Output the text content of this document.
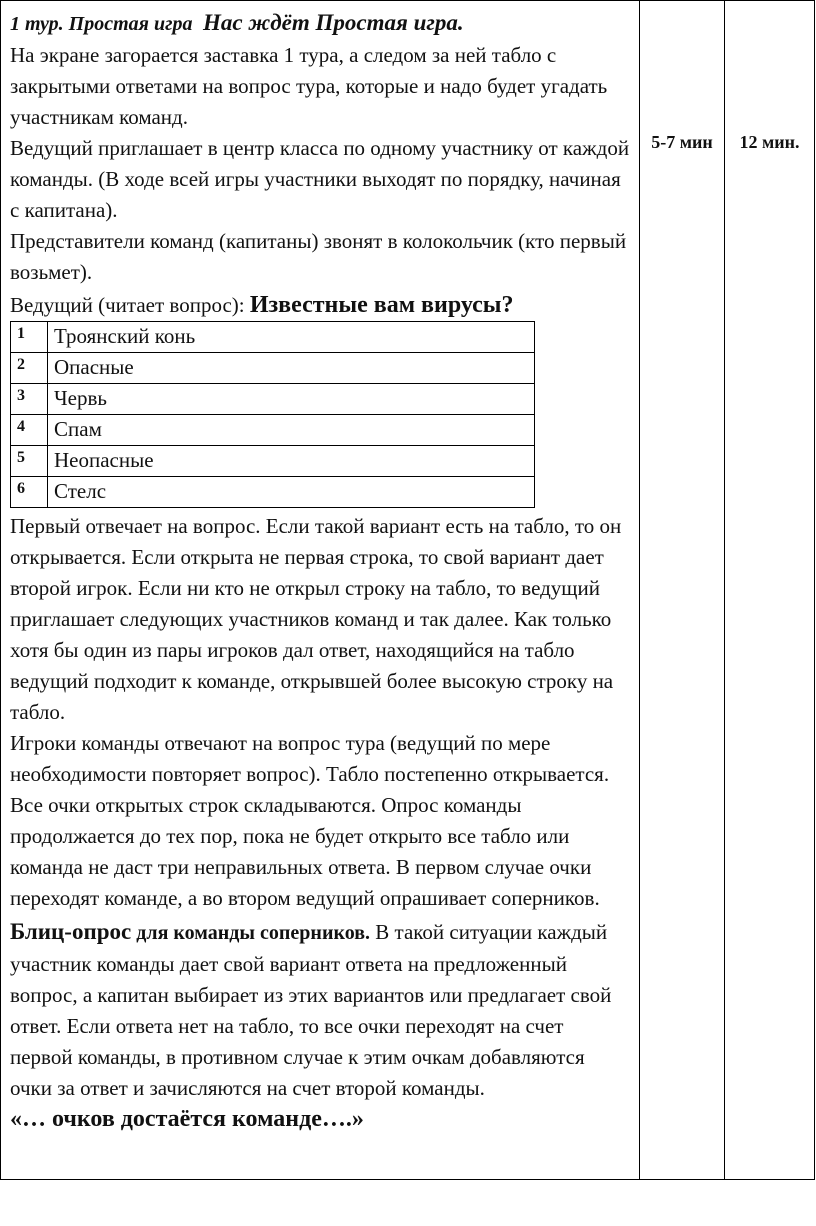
1 тур. Простая игра Нас ждёт Простая игра.

На экране загорается заставка 1 тура, а следом за ней табло с закрытыми ответами на вопрос тура, которые и надо будет угадать участникам команд.

Ведущий приглашает в центр класса по одному участнику от каждой команды. (В ходе всей игры участники выходят по порядку, начиная с капитана).

Представители команд (капитаны) звонят в колокольчик (кто первый возьмет).

Ведущий (читает вопрос): Известные вам вирусы?

1	Троянский конь
2	Опасные
3	Червь
4	Спам
5	Неопасные
6	Стелс

Первый отвечает на вопрос. Если такой вариант есть на табло, то он открывается. Если открыта не первая строка, то свой вариант дает второй игрок. Если ни кто не открыл строку на табло, то ведущий приглашает следующих участников команд и так далее. Как только хотя бы один из пары игроков дал ответ, находящийся на табло ведущий подходит к команде, открывшей более высокую строку на табло.

Игроки команды отвечают на вопрос тура (ведущий по мере необходимости повторяет вопрос). Табло постепенно открывается. Все очки открытых строк складываются. Опрос команды продолжается до тех пор, пока не будет открыто все табло или команда не даст три неправильных ответа. В первом случае очки переходят команде, а во втором ведущий опрашивает соперников.

Блиц-опрос для команды соперников. В такой ситуации каждый участник команды дает свой вариант ответа на предложенный вопрос, а капитан выбирает из этих вариантов или предлагает свой ответ. Если ответа нет на табло, то все очки переходят на счет первой команды, в противном случае к этим очкам добавляются очки за ответ и зачисляются на счет второй команды.

«… очков достаётся команде….»

5-7 мин	12 мин.
